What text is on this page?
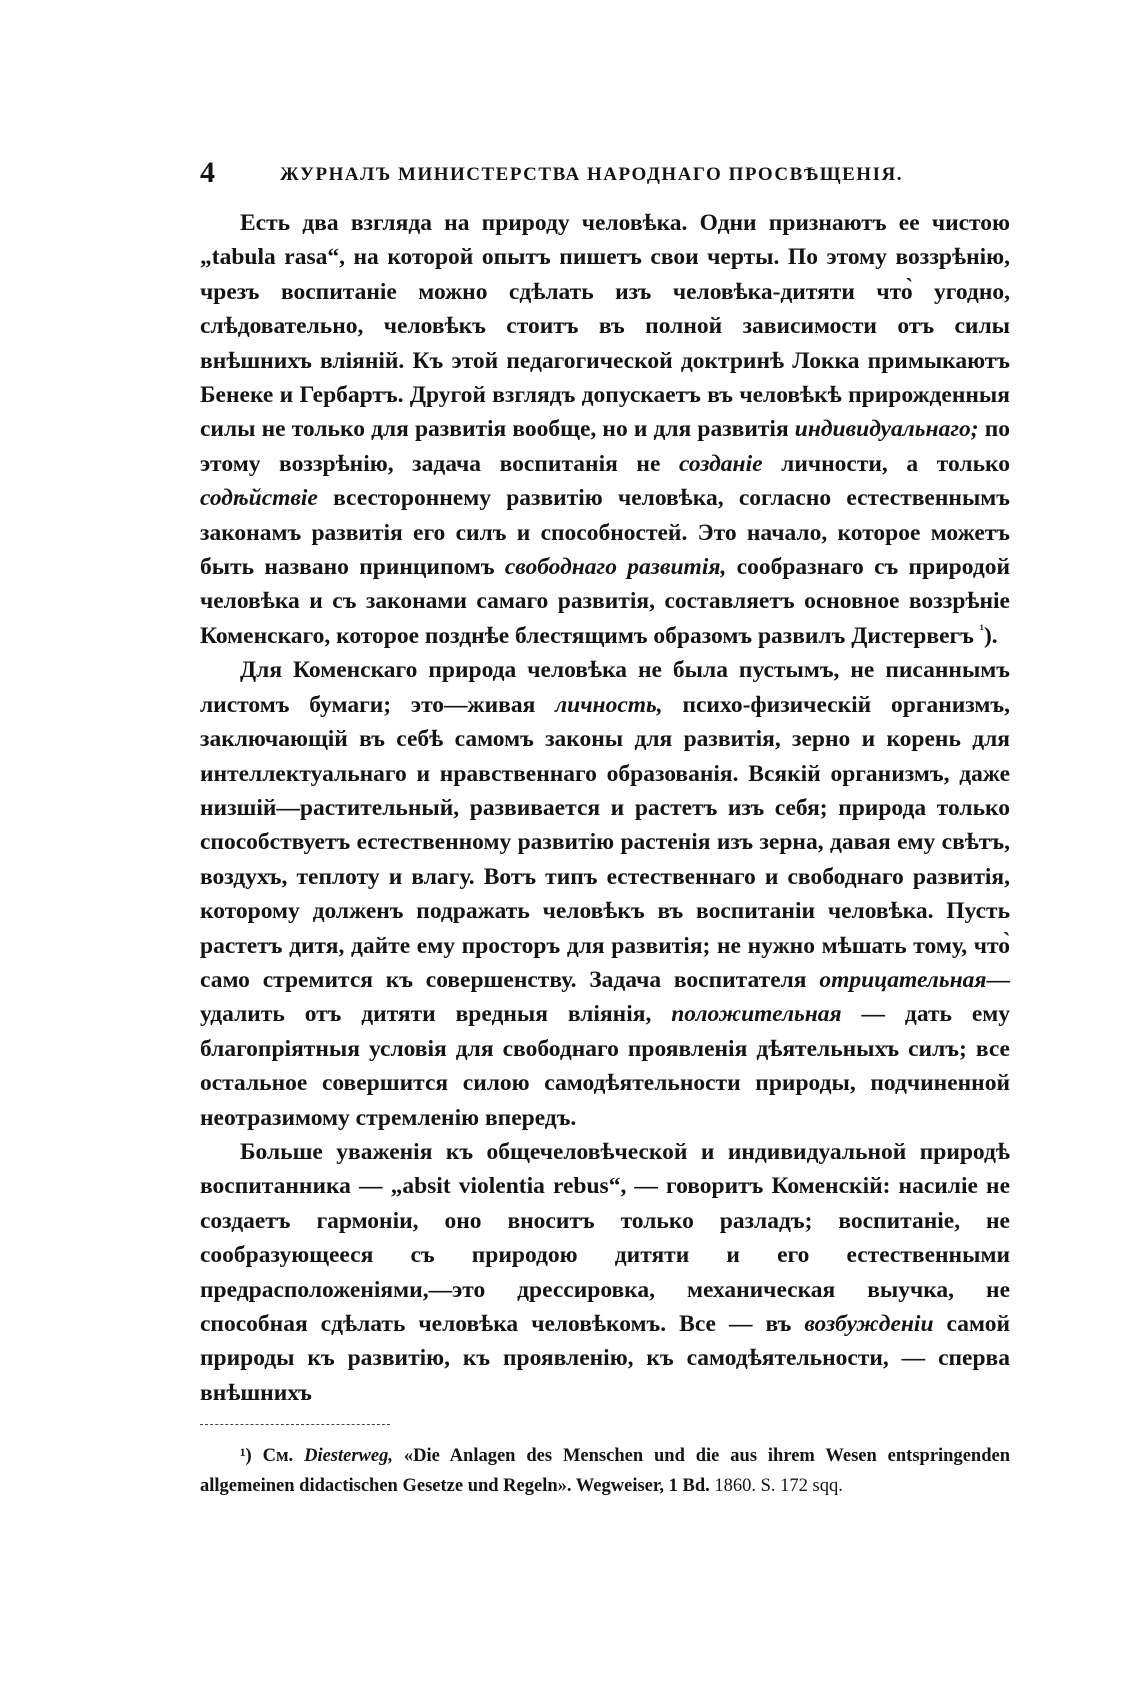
4	ЖУРНАЛЪ МИНИСТЕРСТВА НАРОДНАГО ПРОСВѢЩЕНІЯ.

Есть два взгляда на природу человѣка. Одни признаютъ ее чистою „tabula rasa“, на которой опытъ пишетъ свои черты. По этому воззрѣнію, чрезъ воспитаніе можно сдѣлать изъ человѣка-дитяти что̀ угодно, слѣдовательно, человѣкъ стоитъ въ полной зависимости отъ силы внѣшнихъ вліяній. Къ этой педагогической доктринѣ Локка примыкаютъ Бенеке и Гербартъ. Другой взглядъ допускаетъ въ человѣкѣ прирожденныя силы не только для развитія вообще, но и для развитія индивидуальнаго; по этому воззрѣнію, задача воспитанія не созданіе личности, а только содѣйствіе всестороннему развитію человѣка, согласно естественнымъ законамъ развитія его силъ и способностей. Это начало, которое можетъ быть названо принципомъ свободнаго развитія, сообразнаго съ природой человѣка и съ законами самаго развитія, составляетъ основное воззрѣніе Коменскаго, которое позднѣе блестящимъ образомъ развилъ Дистервегъ $^{^1}$).

Для Коменскаго природа человѣка не была пустымъ, не писаннымъ листомъ бумаги; это—живая личность, психо-физическій организмъ, заключающій въ себѣ самомъ законы для развитія, зерно и корень для интеллектуальнаго и нравственнаго образованія. Всякій организмъ, даже низшій—растительный, развивается и растетъ изъ себя; природа только способствуетъ естественному развитію растенія изъ зерна, давая ему свѣтъ, воздухъ, теплоту и влагу. Вотъ типъ естественнаго и свободнаго развитія, которому долженъ подражать человѣкъ въ воспитаніи человѣка. Пусть растетъ дитя, дайте ему просторъ для развитія; не нужно мѣшать тому, что̀ само стремится къ совершенству. Задача воспитателя отрицательная—удалить отъ дитяти вредныя вліянія, положительная — дать ему благопріятныя условія для свободнаго проявленія дѣятельныхъ силъ; все остальное совершится силою самодѣятельности природы, подчиненной неотразимому стремленію впередъ.

Больше уваженія къ общечеловѣческой и индивидуальной природѣ воспитанника — „absit violentia rebus“, — говоритъ Коменскій: насиліе не создаетъ гармоніи, оно вноситъ только разладъ; воспитаніе, не сообразующееся съ природою дитяти и его естественными предрасположеніями,—это дрессировка, механическая выучка, не способная сдѣлать человѣка человѣкомъ. Все — въ возбужденіи самой природы къ развитію, къ проявленію, къ самодѣятельности, — сперва внѣшнихъ

¹) См. Diesterweg, «Die Anlagen des Menschen und die aus ihrem Wesen entspringenden allgemeinen didactischen Gesetze und Regeln». Wegweiser, 1 Bd. 1860. S. 172 sqq.
